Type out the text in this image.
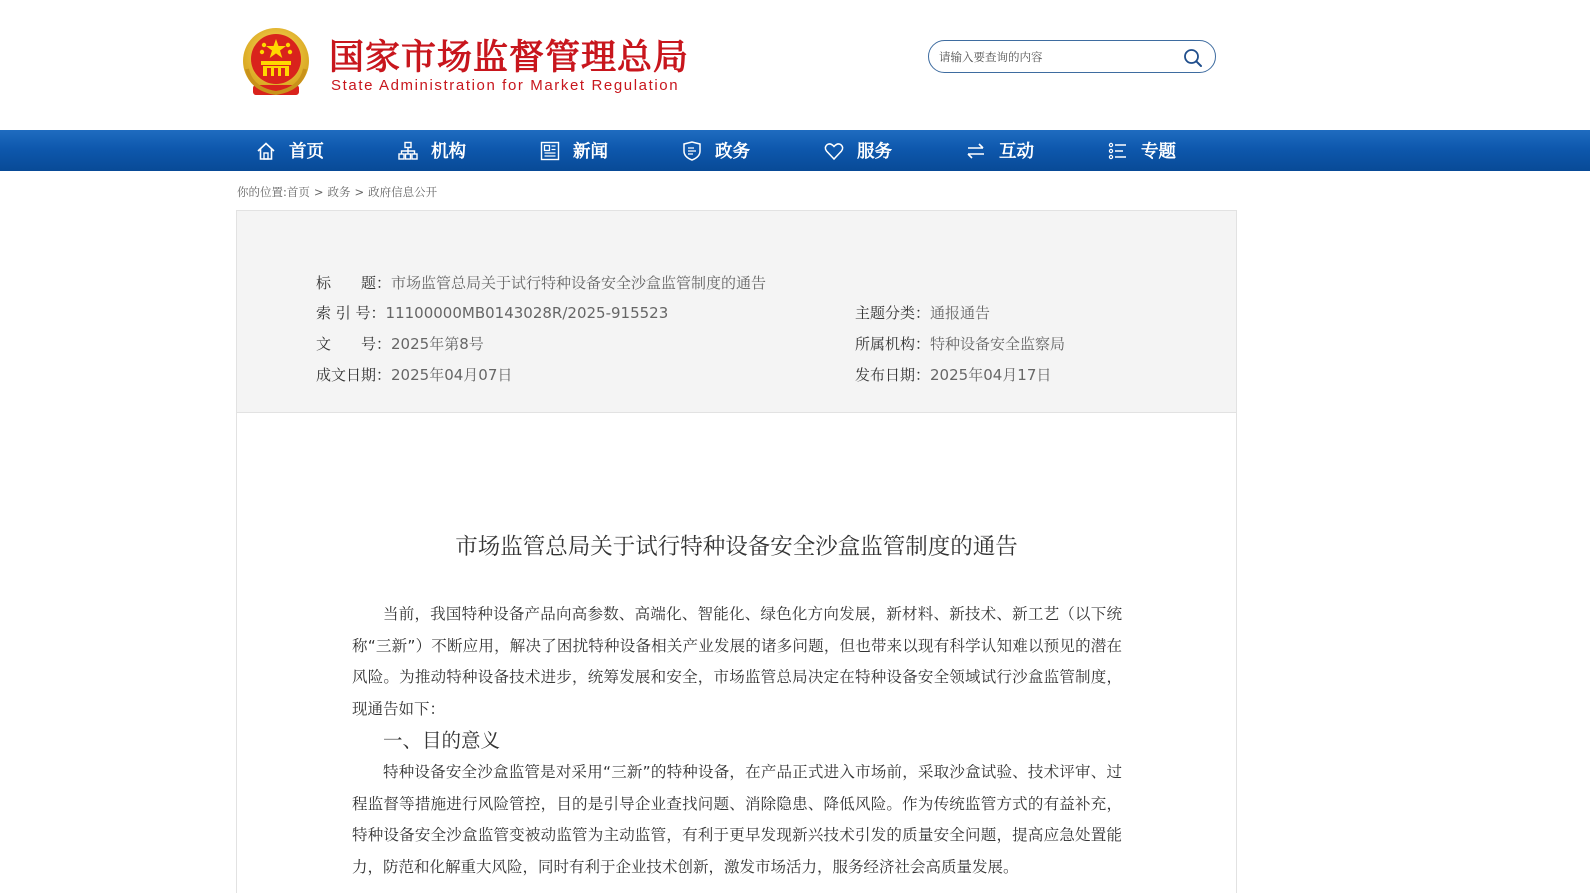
国家市场监督管理总局
State Administration for Market Regulation
请输入要查询的内容
首页	机构	新闻	政务	服务	互动	专题
你的位置:首页 > 政务 > 政府信息公开
标　　题：市场监管总局关于试行特种设备安全沙盒监管制度的通告
索 引 号：11100000MB0143028R/2025-915523	主题分类：通报通告
文　　号：2025年第8号	所属机构：特种设备安全监察局
成文日期：2025年04月07日	发布日期：2025年04月17日
市场监管总局关于试行特种设备安全沙盒监管制度的通告

当前，我国特种设备产品向高参数、高端化、智能化、绿色化方向发展，新材料、新技术、新工艺（以下统称“三新”）不断应用，解决了困扰特种设备相关产业发展的诸多问题，但也带来以现有科学认知难以预见的潜在风险。为推动特种设备技术进步，统筹发展和安全，市场监管总局决定在特种设备安全领域试行沙盒监管制度，现通告如下：

一、目的意义

特种设备安全沙盒监管是对采用“三新”的特种设备，在产品正式进入市场前，采取沙盒试验、技术评审、过程监督等措施进行风险管控，目的是引导企业查找问题、消除隐患、降低风险。作为传统监管方式的有益补充，特种设备安全沙盒监管变被动监管为主动监管，有利于更早发现新兴技术引发的质量安全问题，提高应急处置能力，防范和化解重大风险，同时有利于企业技术创新，激发市场活力，服务经济社会高质量发展。
